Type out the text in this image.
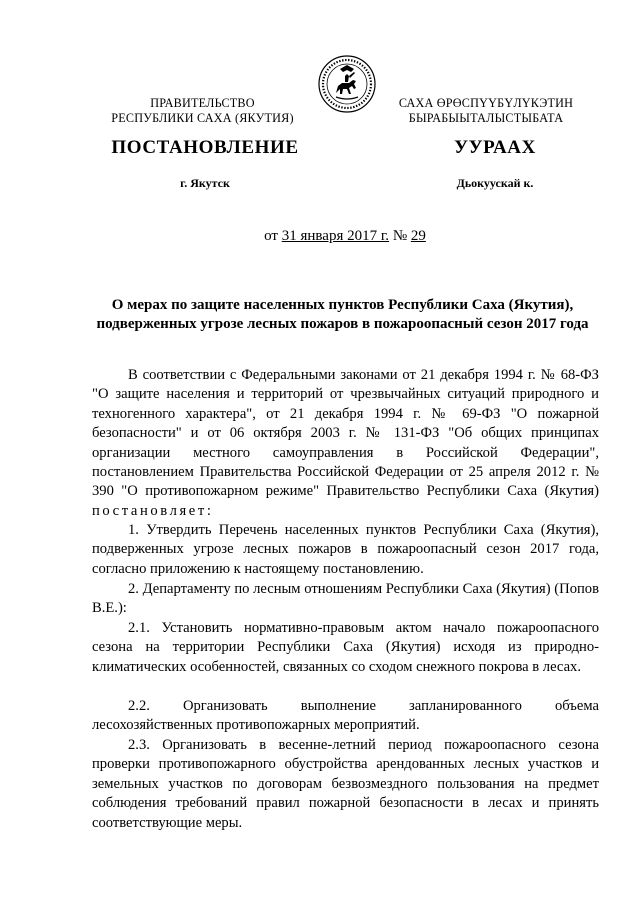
ПРАВИТЕЛЬСТВО
РЕСПУБЛИКИ САХА (ЯКУТИЯ)
САХА ӨРӨСПҮҮБҮЛҮКЭТИН
БЫРАБЫЫТАЛЫСТЫБАТА
ПОСТАНОВЛЕНИЕ	УУРААХ
г. Якутск	Дьокуускай к.
от 31 января 2017 г. № 29
О мерах по защите населенных пунктов Республики Саха (Якутия),
подверженных угрозе лесных пожаров в пожароопасный сезон 2017 года

В соответствии с Федеральными законами от 21 декабря 1994 г. № 68-ФЗ "О защите населения и территорий от чрезвычайных ситуаций природного и техногенного характера", от 21 декабря 1994 г. № 69-ФЗ "О пожарной безопасности" и от 06 октября 2003 г. № 131-ФЗ "Об общих принципах организации местного самоуправления в Российской Федерации", постановлением Правительства Российской Федерации от 25 апреля 2012 г. № 390 "О противопожарном режиме" Правительство Республики Саха (Якутия) постановляет:

1. Утвердить Перечень населенных пунктов Республики Саха (Якутия), подверженных угрозе лесных пожаров в пожароопасный сезон 2017 года, согласно приложению к настоящему постановлению.

2. Департаменту по лесным отношениям Республики Саха (Якутия) (Попов В.Е.):

2.1. Установить нормативно-правовым актом начало пожароопасного сезона на территории Республики Саха (Якутия) исходя из природно-климатических особенностей, связанных со сходом снежного покрова в лесах.

2.2. Организовать выполнение запланированного объема
лесохозяйственных противопожарных мероприятий.

2.3. Организовать в весенне-летний период пожароопасного сезона проверки противопожарного обустройства арендованных лесных участков и земельных участков по договорам безвозмездного пользования на предмет соблюдения требований правил пожарной безопасности в лесах и принять соответствующие меры.
